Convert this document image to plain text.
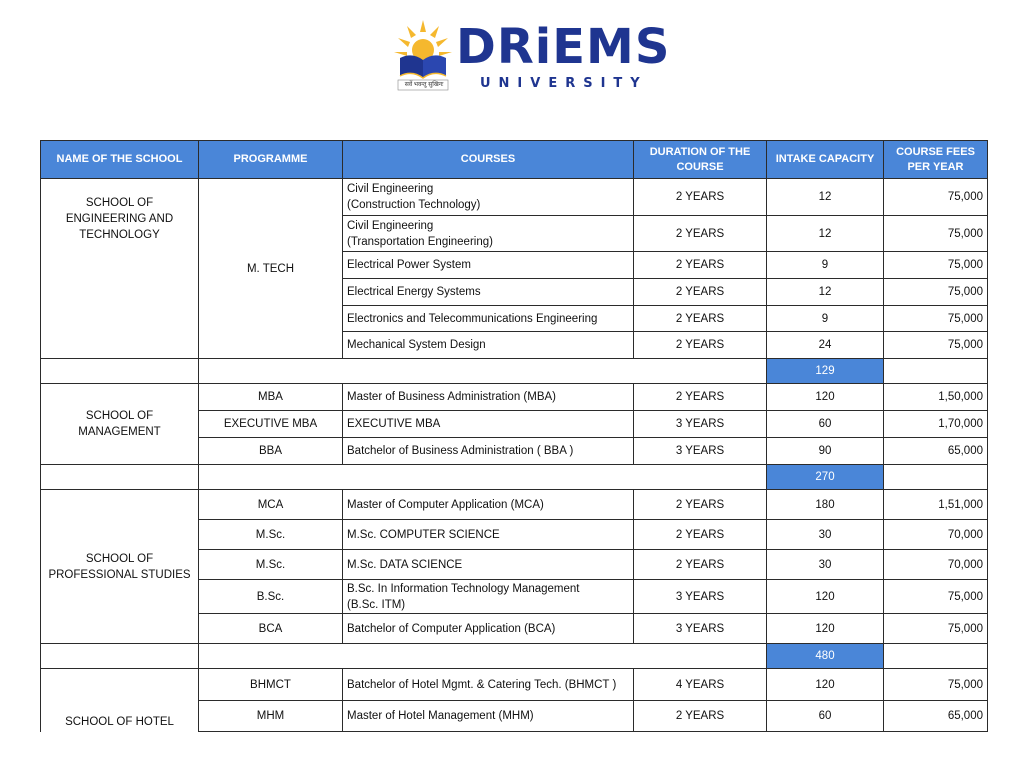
सर्वे भवन्तु सुखिनः
DRiEMS
UNIVERSITY
NAME OF THE SCHOOL	PROGRAMME	COURSES	DURATION OF THE COURSE	INTAKE CAPACITY	COURSE FEES PER YEAR
SCHOOL OF ENGINEERING AND TECHNOLOGY	M. TECH	Civil Engineering
(Construction Technology)	2 YEARS	12	75,000
		Civil Engineering
(Transportation Engineering)	2 YEARS	12	75,000
		Electrical Power System	2 YEARS	9	75,000
		Electrical Energy Systems	2 YEARS	12	75,000
		Electronics and Telecommunications Engineering	2 YEARS	9	75,000
		Mechanical System Design	2 YEARS	24	75,000
				129	
SCHOOL OF MANAGEMENT	MBA	Master of Business Administration (MBA)	2 YEARS	120	1,50,000
	EXECUTIVE MBA	EXECUTIVE MBA	3 YEARS	60	1,70,000
	BBA	Batchelor of Business Administration ( BBA )	3 YEARS	90	65,000
				270	
SCHOOL OF PROFESSIONAL STUDIES	MCA	Master of Computer Application (MCA)	2 YEARS	180	1,51,000
	M.Sc.	M.Sc. COMPUTER SCIENCE	2 YEARS	30	70,000
	M.Sc.	M.Sc. DATA SCIENCE	2 YEARS	30	70,000
	B.Sc.	B.Sc. In Information Technology Management
(B.Sc. ITM)	3 YEARS	120	75,000
	BCA	Batchelor of Computer Application (BCA)	3 YEARS	120	75,000
				480	
SCHOOL OF HOTEL	BHMCT	Batchelor of Hotel Mgmt. & Catering Tech. (BHMCT )	4 YEARS	120	75,000
	MHM	Master of Hotel Management (MHM)	2 YEARS	60	65,000
